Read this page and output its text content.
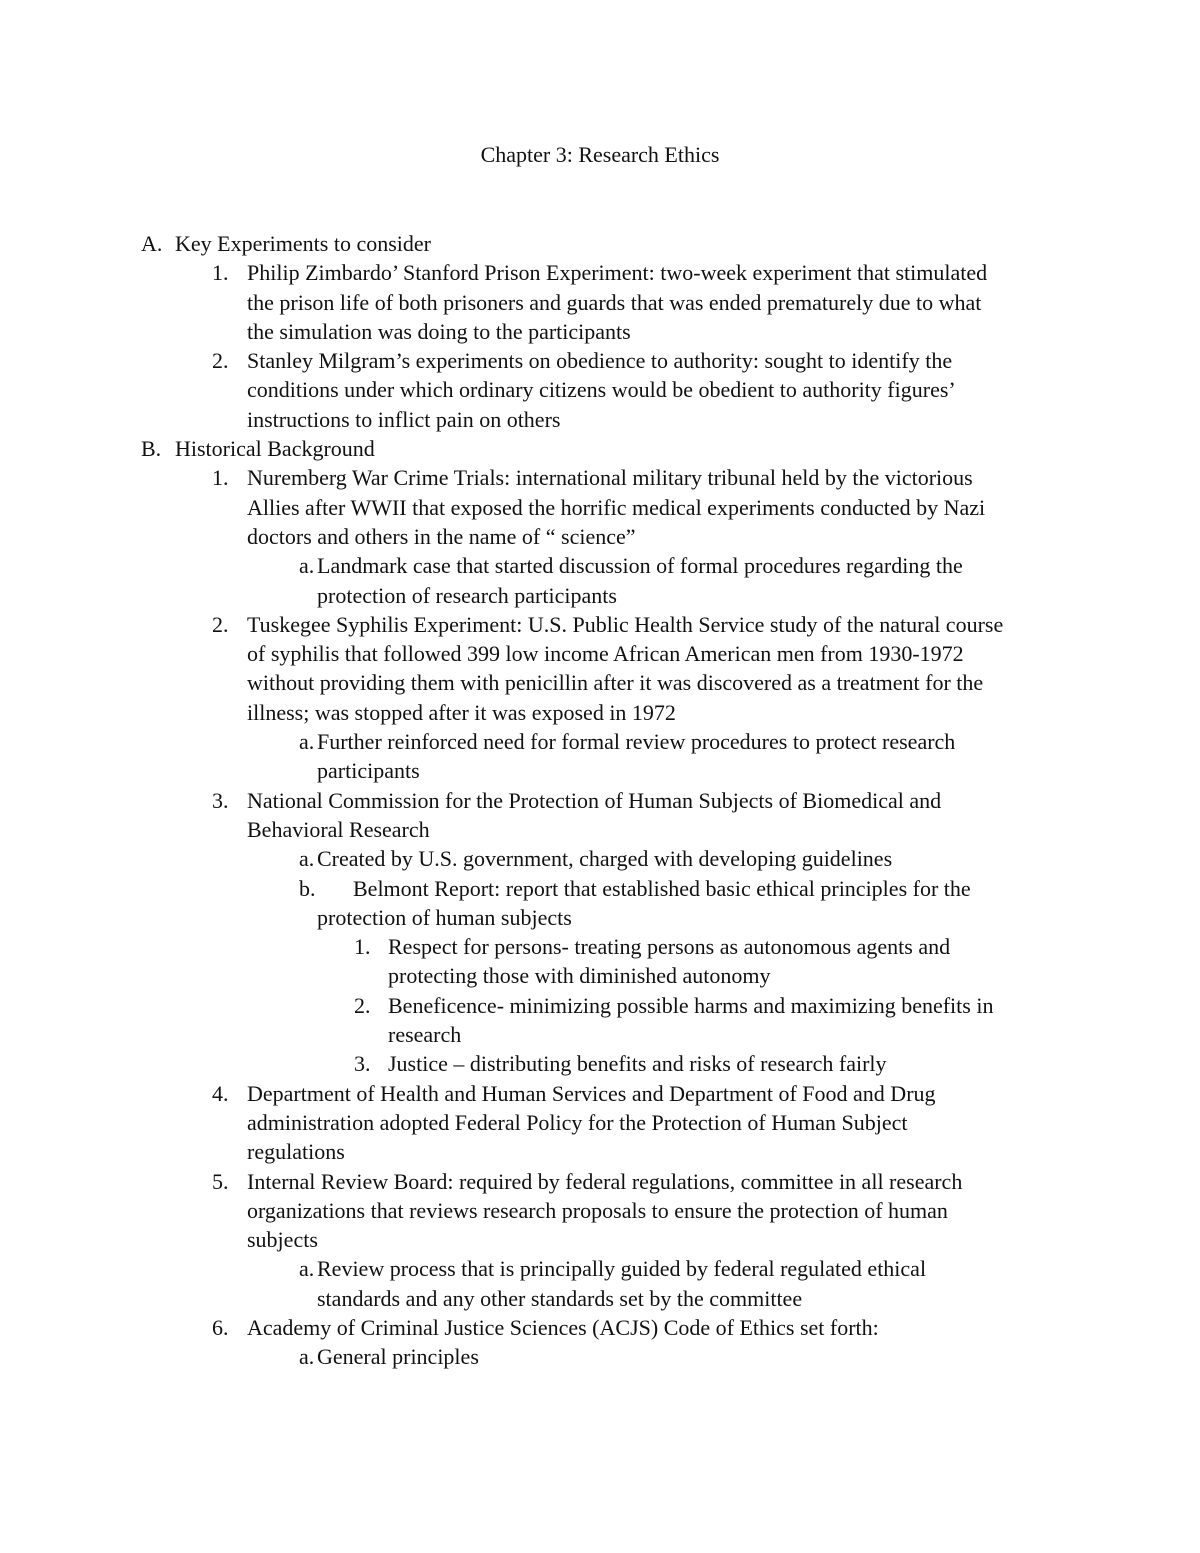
Chapter 3: Research Ethics
A. Key Experiments to consider
1. Philip Zimbardo’ Stanford Prison Experiment: two-week experiment that stimulated
the prison life of both prisoners and guards that was ended prematurely due to what
the simulation was doing to the participants
2. Stanley Milgram’s experiments on obedience to authority: sought to identify the
conditions under which ordinary citizens would be obedient to authority figures’
instructions to inflict pain on others
B. Historical Background
1. Nuremberg War Crime Trials: international military tribunal held by the victorious
Allies after WWII that exposed the horrific medical experiments conducted by Nazi
doctors and others in the name of “ science”
a. Landmark case that started discussion of formal procedures regarding the
protection of research participants
2. Tuskegee Syphilis Experiment: U.S. Public Health Service study of the natural course
of syphilis that followed 399 low income African American men from 1930-1972
without providing them with penicillin after it was discovered as a treatment for the
illness; was stopped after it was exposed in 1972
a. Further reinforced need for formal review procedures to protect research
participants
3. National Commission for the Protection of Human Subjects of Biomedical and
Behavioral Research
a. Created by U.S. government, charged with developing guidelines
b.	Belmont Report: report that established basic ethical principles for the
protection of human subjects
1. Respect for persons- treating persons as autonomous agents and
protecting those with diminished autonomy
2. Beneficence- minimizing possible harms and maximizing benefits in
research
3. Justice – distributing benefits and risks of research fairly
4. Department of Health and Human Services and Department of Food and Drug
administration adopted Federal Policy for the Protection of Human Subject
regulations
5. Internal Review Board: required by federal regulations, committee in all research
organizations that reviews research proposals to ensure the protection of human
subjects
a. Review process that is principally guided by federal regulated ethical
standards and any other standards set by the committee
6. Academy of Criminal Justice Sciences (ACJS) Code of Ethics set forth:
a. General principles
